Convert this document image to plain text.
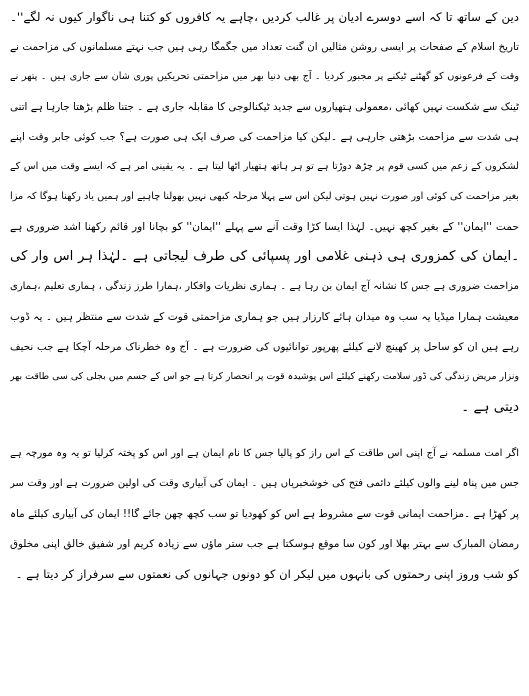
دین کے ساتھ تا کہ اسے دوسرے ادیان پر غالب کردیں ،چاہے یہ کافروں کو کتنا ہی ناگوار کیوں نہ لگے''۔
تاریخ اسلام کے صفحات پر ایسی روشن مثالیں ان گنت تعداد میں جگمگا رہی ہیں جب نہتے مسلمانوں کی مزاحمت نے
وقت کے فرعونوں کو گھٹنے ٹیکنے پر مجبور کردیا ۔ آج بھی دنیا بھر میں مزاحمتی تحریکیں پوری شان سے جاری ہیں ۔ پتھر نے
ٹینک سے شکست نہیں کھائی ،معمولی ہتھیاروں سے جدید ٹیکنالوجی کا مقابلہ جاری ہے ۔ جتنا ظلم بڑھتا جارہا ہے اتنی
ہی شدت سے مزاحمت بڑھتی جارہی ہے ۔لیکن کیا مزاحمت کی صرف ایک ہی صورت ہے؟ جب کوئی جابر وقت اپنے
لشکروں کے زعم میں کسی قوم پر چڑھ دوڑتا ہے تو ہر ہاتھ ہتھیار اٹھا لیتا ہے ۔ یہ یقینی امر ہے کہ ایسے وقت میں اس کے
بغیر مزاحمت کی کوئی اور صورت نہیں ہوتی لیکن اس سے پہلا مرحلہ کبھی نہیں بھولنا چاہیے اور ہمیں یاد رکھنا ہوگا کہ مزا
حمت ''ایمان'' کے بغیر کچھ نہیں۔ لہٰذا ایسا کڑا وقت آنے سے پہلے ''ایمان'' کو بچانا اور قائم رکھنا اشد ضروری ہے
۔ایمان کی کمزوری ہی ذہنی غلامی اور پسپائی کی طرف لیجاتی ہے ۔لہٰذا ہر اس وار کی
مزاحمت ضروری ہے جس کا نشانہ آج ایمان بن رہا ہے ۔ ہماری نظریات وافکار ،ہمارا طرز زندگی ، ہماری تعلیم ،ہماری
معیشت ہمارا میڈیا یہ سب وہ میدان ہائے کارزار ہیں جو ہماری مزاحمتی قوت کے شدت سے منتظر ہیں ۔ یہ ڈوب
رہے ہیں ان کو ساحل پر کھینچ لانے کیلئے پھرپور توانائیوں کی ضرورت ہے ۔ آج وہ خطرناک مرحلہ آچکا ہے جب نحیف
ونزار مریض زندگی کی ڈور سلامت رکھنے کیلئے اس پوشیدہ قوت پر انحصار کرتا ہے جو اس کے جسم میں بجلی کی سی طاقت بھر
دیتی ہے ۔
اگر امت مسلمہ نے آج اپنی اس طاقت کے اس راز کو پالیا جس کا نام ایمان ہے اور اس کو پختہ کرلیا تو یہ وہ مورچہ ہے
جس میں پناہ لینے والوں کیلئے دائمی فتح کی خوشخبریاں ہیں ۔ ایمان کی آبیاری وقت کی اولین ضرورت ہے اور وقت سر
پر کھڑا ہے ۔مزاحمت ایمانی قوت سے مشروط ہے اس کو کھودیا تو سب کچھ چھن جائے گا!! ایمان کی آبیاری کیلئے ماہ
رمضان المبارک سے بہتر بھلا اور کون سا موقع ہوسکتا ہے جب ستر ماؤں سے زیادہ کریم اور شفیق خالق اپنی مخلوق
کو شب وروز اپنی رحمتوں کی بانہوں میں لیکر ان کو دونوں جہانوں کی نعمتوں سے سرفراز کر دیتا ہے ۔
